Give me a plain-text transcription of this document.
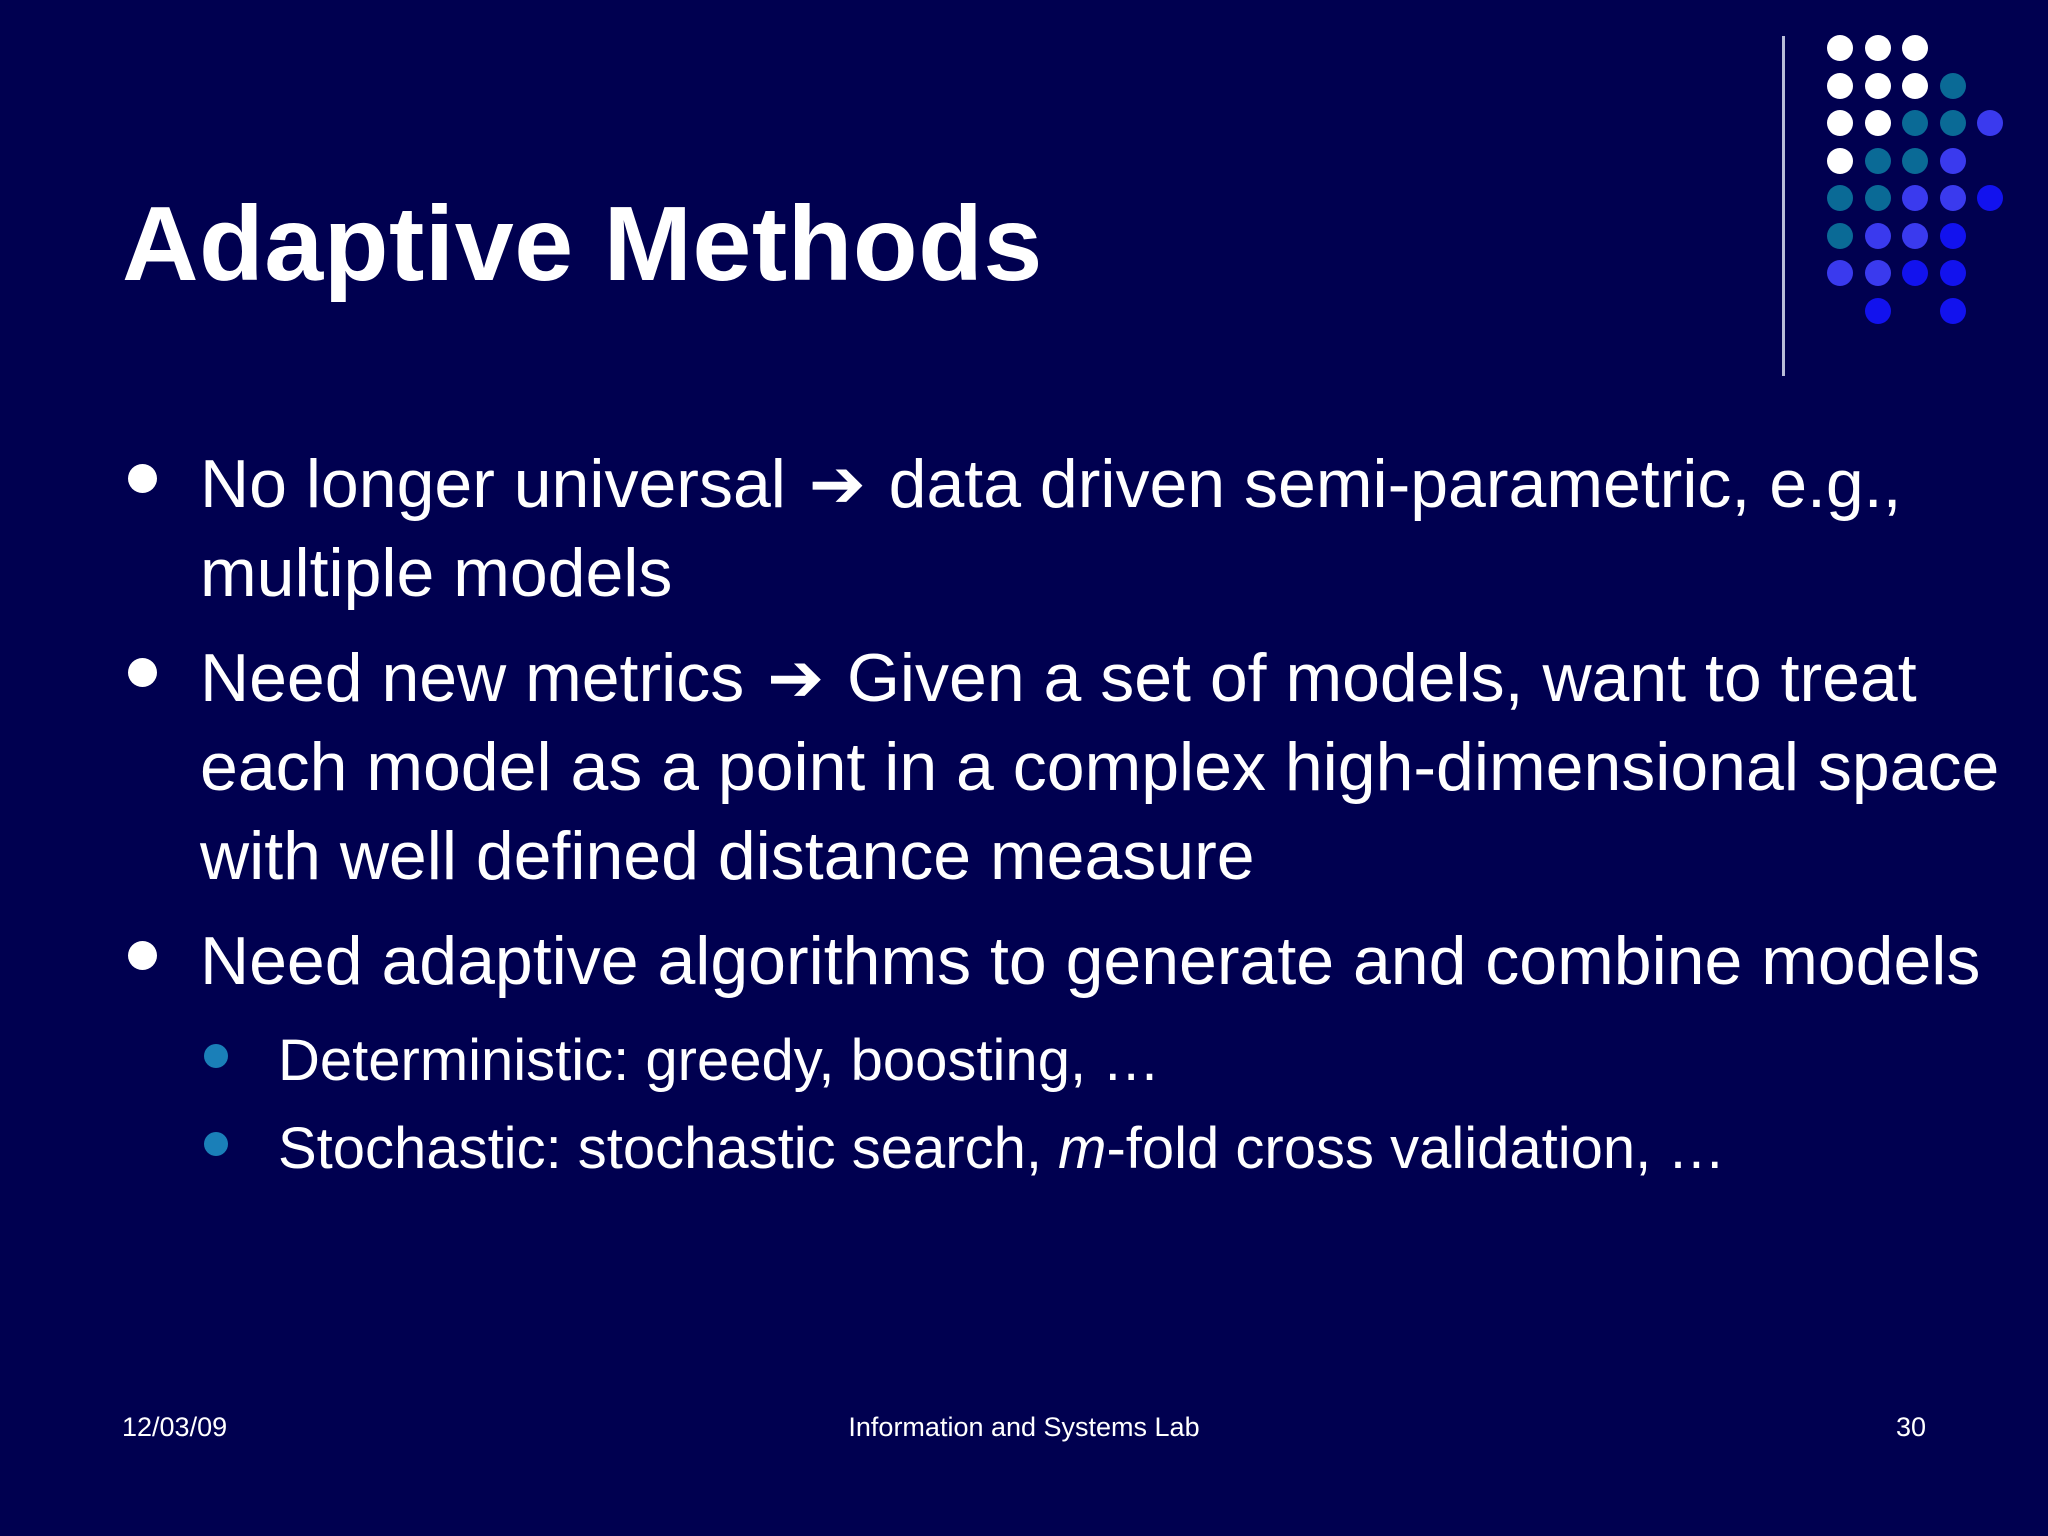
Adaptive Methods
No longer universal ➔ data driven semi-parametric, e.g., multiple models
Need new metrics ➔ Given a set of models, want to treat each model as a point in a complex high-dimensional space with well defined distance measure
Need adaptive algorithms to generate and combine models
Deterministic: greedy, boosting, …
Stochastic: stochastic search, m-fold cross validation, …
12/03/09	Information and Systems Lab	30
